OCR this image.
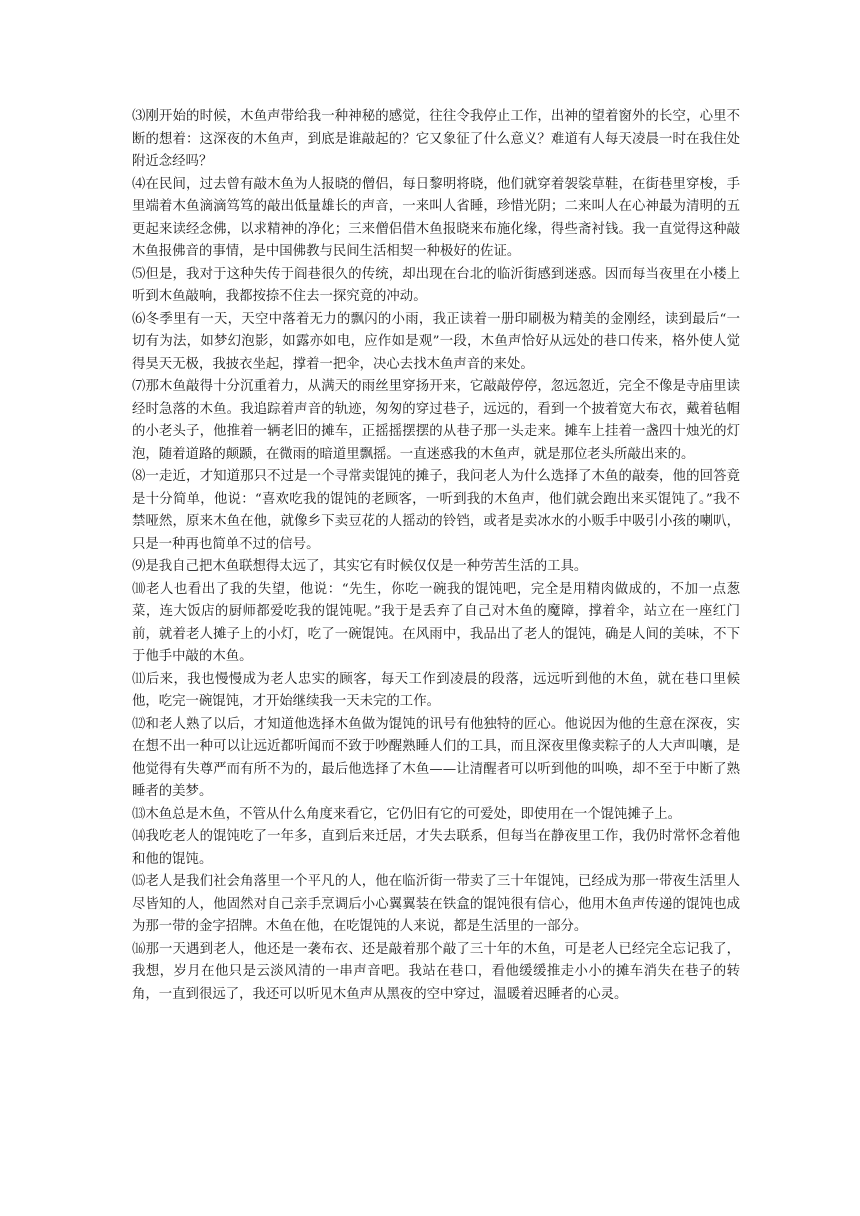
⑶刚开始的时候，木鱼声带给我一种神秘的感觉，往往令我停止工作，出神的望着窗外的长空，心里不断的想着：这深夜的木鱼声，到底是谁敲起的？它又象征了什么意义？难道有人每天凌晨一时在我住处附近念经吗？

⑷在民间，过去曾有敲木鱼为人报晓的僧侣，每日黎明将晓，他们就穿着袈裟草鞋，在街巷里穿梭，手里端着木鱼滴滴笃笃的敲出低量雄长的声音，一来叫人省睡，珍惜光阴；二来叫人在心神最为清明的五更起来读经念佛，以求精神的净化；三来僧侣借木鱼报晓来布施化缘，得些斋衬钱。我一直觉得这种敲木鱼报佛音的事情，是中国佛教与民间生活相契一种极好的佐证。

⑸但是，我对于这种失传于阎巷很久的传统，却出现在台北的临沂街感到迷惑。因而每当夜里在小楼上听到木鱼敲响，我都按捺不住去一探究竟的冲动。

⑹冬季里有一天，天空中落着无力的飘闪的小雨，我正读着一册印刷极为精美的金刚经，读到最后“一切有为法，如梦幻泡影，如露亦如电，应作如是观”一段，木鱼声恰好从远处的巷口传来，格外使人觉得昊天无极，我披衣坐起，撑着一把伞，决心去找木鱼声音的来处。

⑺那木鱼敲得十分沉重着力，从满天的雨丝里穿扬开来，它敲敲停停，忽远忽近，完全不像是寺庙里读经时急落的木鱼。我追踪着声音的轨迹，匆匆的穿过巷子，远远的，看到一个披着宽大布衣，戴着毡帽的小老头子，他推着一辆老旧的摊车，正摇摇摆摆的从巷子那一头走来。摊车上挂着一盏四十烛光的灯泡，随着道路的颠踬，在微雨的暗道里飘摇。一直迷惑我的木鱼声，就是那位老头所敲出来的。

⑻一走近，才知道那只不过是一个寻常卖馄饨的摊子，我问老人为什么选择了木鱼的敲奏，他的回答竟是十分简单，他说：“喜欢吃我的馄饨的老顾客，一听到我的木鱼声，他们就会跑出来买馄饨了。”我不禁哑然，原来木鱼在他，就像乡下卖豆花的人摇动的铃铛，或者是卖冰水的小贩手中吸引小孩的喇叭，只是一种再也简单不过的信号。

⑼是我自己把木鱼联想得太远了，其实它有时候仅仅是一种劳苦生活的工具。

⑽老人也看出了我的失望，他说：“先生，你吃一碗我的馄饨吧，完全是用精肉做成的，不加一点葱菜，连大饭店的厨师都爱吃我的馄饨呢。”我于是丢弃了自己对木鱼的魔障，撑着伞，站立在一座红门前，就着老人摊子上的小灯，吃了一碗馄饨。在风雨中，我品出了老人的馄饨，确是人间的美味，不下于他手中敲的木鱼。

⑾后来，我也慢慢成为老人忠实的顾客，每天工作到凌晨的段落，远远听到他的木鱼，就在巷口里候他，吃完一碗馄饨，才开始继续我一天未完的工作。

⑿和老人熟了以后，才知道他选择木鱼做为馄饨的讯号有他独特的匠心。他说因为他的生意在深夜，实在想不出一种可以让远近都听闻而不致于吵醒熟睡人们的工具，而且深夜里像卖粽子的人大声叫嚷，是他觉得有失尊严而有所不为的，最后他选择了木鱼——让清醒者可以听到他的叫唤，却不至于中断了熟睡者的美梦。

⒀木鱼总是木鱼，不管从什么角度来看它，它仍旧有它的可爱处，即使用在一个馄饨摊子上。

⒁我吃老人的馄饨吃了一年多，直到后来迁居，才失去联系，但每当在静夜里工作，我仍时常怀念着他和他的馄饨。

⒂老人是我们社会角落里一个平凡的人，他在临沂街一带卖了三十年馄饨，已经成为那一带夜生活里人尽皆知的人，他固然对自己亲手烹调后小心翼翼装在铁盒的馄饨很有信心，他用木鱼声传递的馄饨也成为那一带的金字招牌。木鱼在他，在吃馄饨的人来说，都是生活里的一部分。

⒃那一天遇到老人，他还是一袭布衣、还是敲着那个敲了三十年的木鱼，可是老人已经完全忘记我了，我想，岁月在他只是云淡风清的一串声音吧。我站在巷口，看他缓缓推走小小的摊车消失在巷子的转角，一直到很远了，我还可以听见木鱼声从黑夜的空中穿过，温暖着迟睡者的心灵。
